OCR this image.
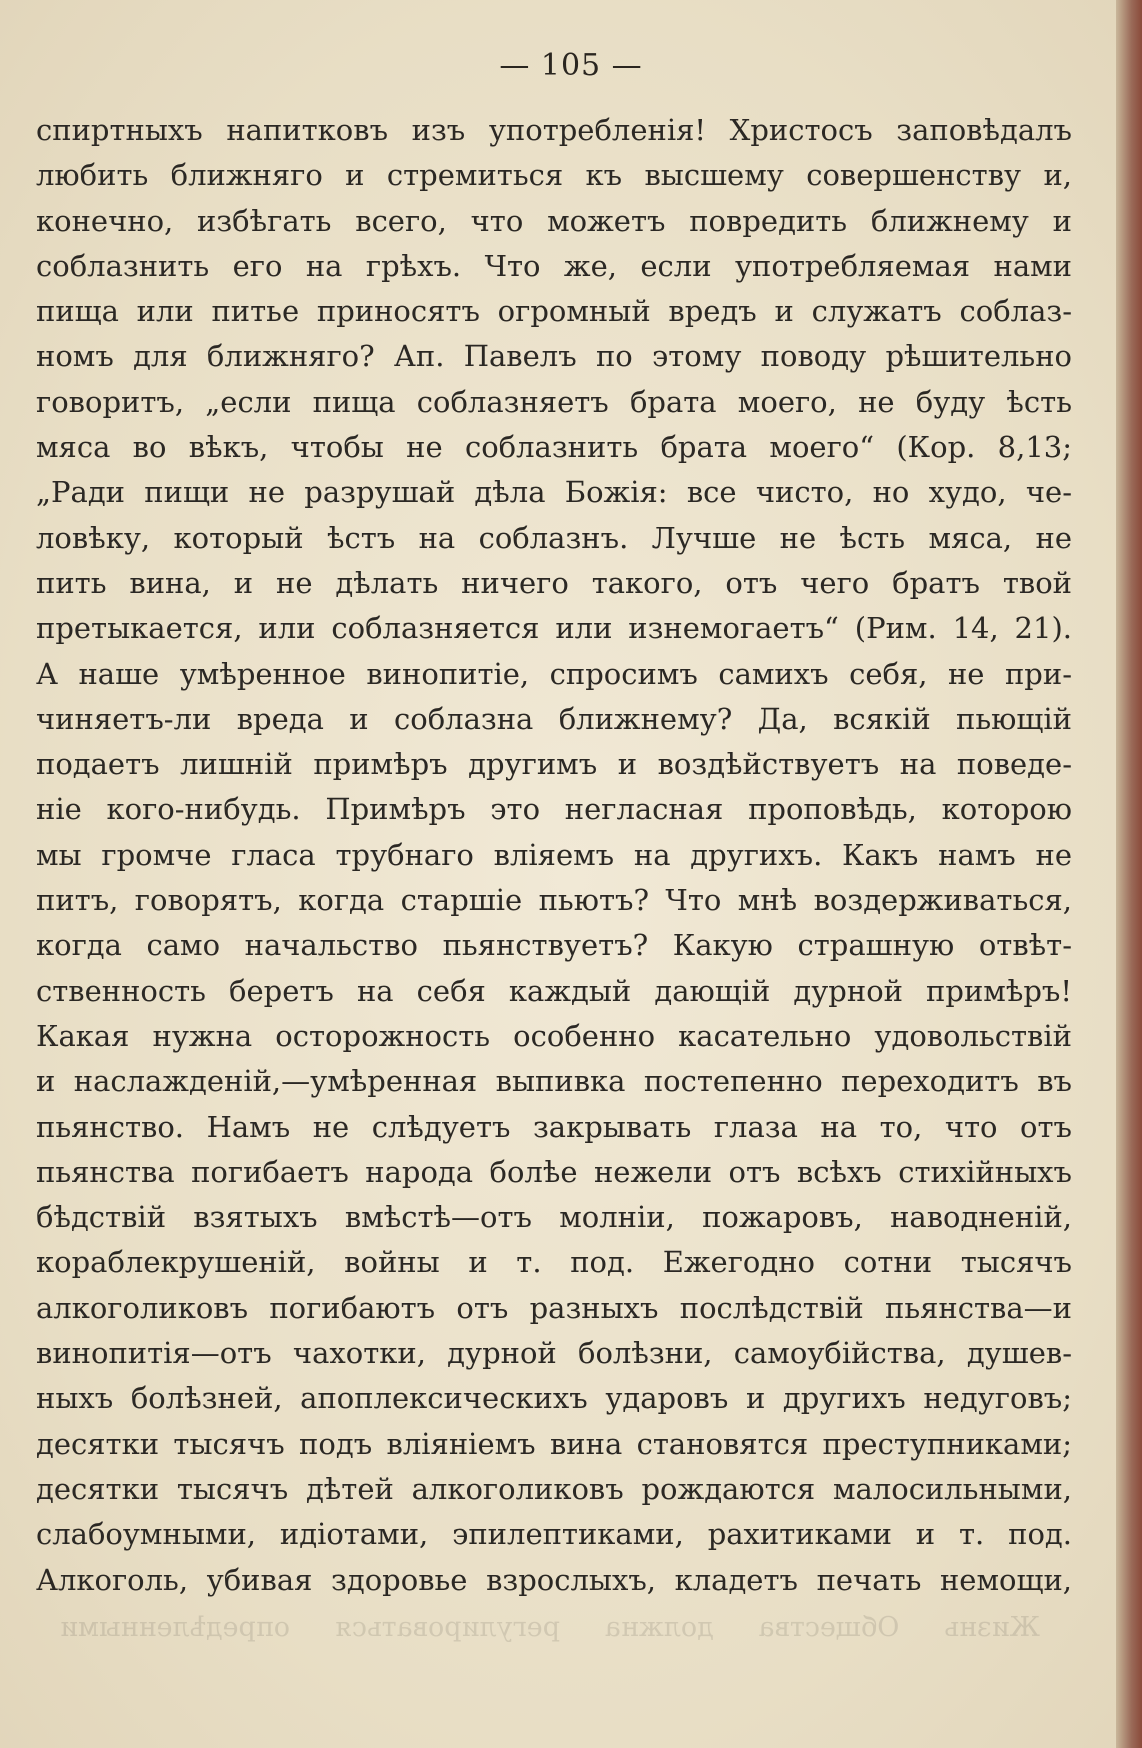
— 105 —
спиртныхъ напитковъ изъ употребленія! Христосъ заповѣдалъ
любить ближняго и стремиться къ высшему совершенству и,
конечно, избѣгать всего, что можетъ повредить ближнему и
соблазнить его на грѣхъ. Что же, если употребляемая нами
пища или питье приносятъ огромный вредъ и служатъ соблаз-
номъ для ближняго? Ап. Павелъ по этому поводу рѣшительно
говоритъ, „если пища соблазняетъ брата моего, не буду ѣсть
мяса во вѣкъ, чтобы не соблазнить брата моего“ (Кор. 8,13;
„Ради пищи не разрушай дѣла Божія: все чисто, но худо, че-
ловѣку, который ѣстъ на соблазнъ. Лучше не ѣсть мяса, не
пить вина, и не дѣлать ничего такого, отъ чего братъ твой
претыкается, или соблазняется или изнемогаетъ“ (Рим. 14, 21).
А наше умѣренное винопитіе, спросимъ самихъ себя, не при-
чиняетъ-ли вреда и соблазна ближнему? Да, всякій пьющій
подаетъ лишній примѣръ другимъ и воздѣйствуетъ на поведе-
ніе кого-нибудь. Примѣръ это негласная проповѣдь, которою
мы громче гласа трубнаго вліяемъ на другихъ. Какъ намъ не
питъ, говорятъ, когда старшіе пьютъ? Что мнѣ воздерживаться,
когда само начальство пьянствуетъ? Какую страшную отвѣт-
ственность беретъ на себя каждый дающій дурной примѣръ!
Какая нужна осторожность особенно касательно удовольствій
и наслажденій,—умѣренная выпивка постепенно переходитъ въ
пьянство. Намъ не слѣдуетъ закрывать глаза на то, что отъ
пьянства погибаетъ народа болѣе нежели отъ всѣхъ стихійныхъ
бѣдствій взятыхъ вмѣстѣ—отъ молніи, пожаровъ, наводненій,
кораблекрушеній, войны и т. под. Ежегодно сотни тысячъ
алкоголиковъ погибаютъ отъ разныхъ послѣдствій пьянства—и
винопитія—отъ чахотки, дурной болѣзни, самоубійства, душев-
ныхъ болѣзней, апоплексическихъ ударовъ и другихъ недуговъ;
десятки тысячъ подъ вліяніемъ вина становятся преступниками;
десятки тысячъ дѣтей алкоголиковъ рождаются малосильными,
слабоумными, идіотами, эпилептиками, рахитиками и т. под.
Алкоголь, убивая здоровье взрослыхъ, кладетъ печать немощи,
Жизнь Общества должна регулироваться опредѣленными
